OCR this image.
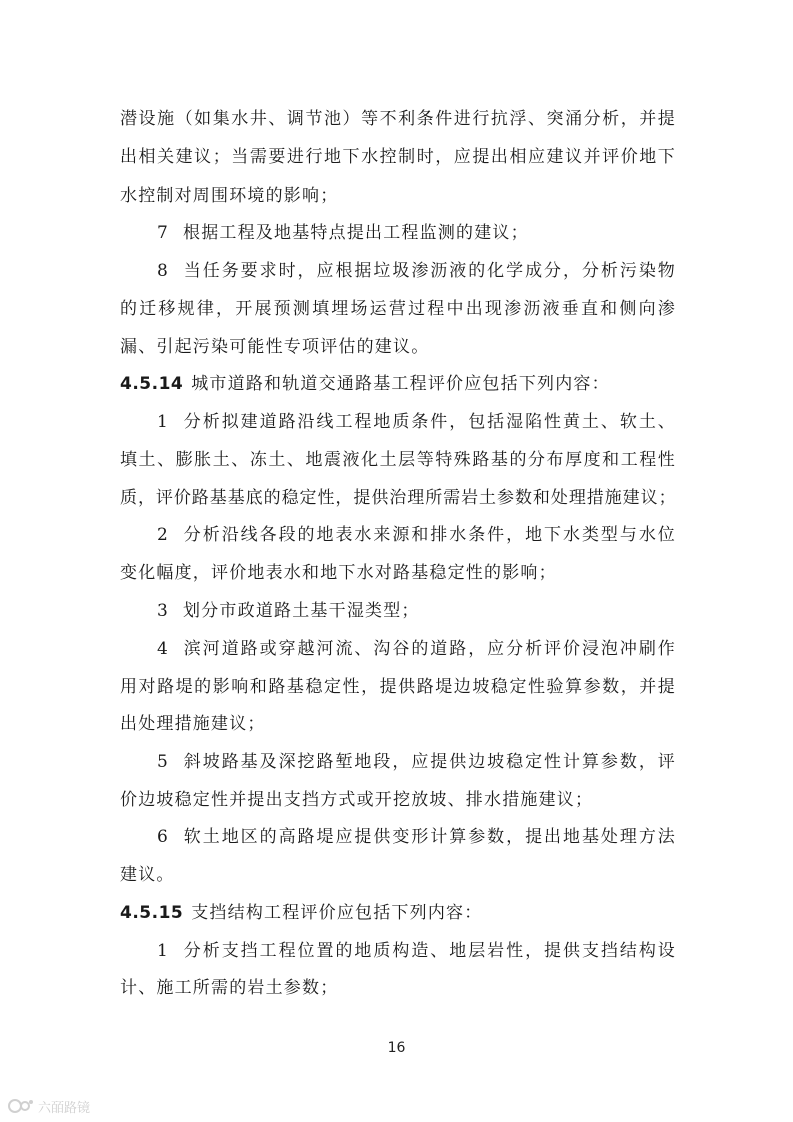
潜设施（如集水井、调节池）等不利条件进行抗浮、突涌分析，并提
出相关建议；当需要进行地下水控制时，应提出相应建议并评价地下
水控制对周围环境的影响；
7 根据工程及地基特点提出工程监测的建议；
8 当任务要求时，应根据垃圾渗沥液的化学成分，分析污染物
的迁移规律，开展预测填埋场运营过程中出现渗沥液垂直和侧向渗
漏、引起污染可能性专项评估的建议。
4.5.14 城市道路和轨道交通路基工程评价应包括下列内容：
1 分析拟建道路沿线工程地质条件，包括湿陷性黄土、软土、
填土、膨胀土、冻土、地震液化土层等特殊路基的分布厚度和工程性
质，评价路基基底的稳定性，提供治理所需岩土参数和处理措施建议；
2 分析沿线各段的地表水来源和排水条件，地下水类型与水位
变化幅度，评价地表水和地下水对路基稳定性的影响；
3 划分市政道路土基干湿类型；
4 滨河道路或穿越河流、沟谷的道路，应分析评价浸泡冲刷作
用对路堤的影响和路基稳定性，提供路堤边坡稳定性验算参数，并提
出处理措施建议；
5 斜坡路基及深挖路堑地段，应提供边坡稳定性计算参数，评
价边坡稳定性并提出支挡方式或开挖放坡、排水措施建议；
6 软土地区的高路堤应提供变形计算参数，提出地基处理方法
建议。
4.5.15 支挡结构工程评价应包括下列内容：
1 分析支挡工程位置的地质构造、地层岩性，提供支挡结构设
计、施工所需的岩土参数；
16
六皕路镜
